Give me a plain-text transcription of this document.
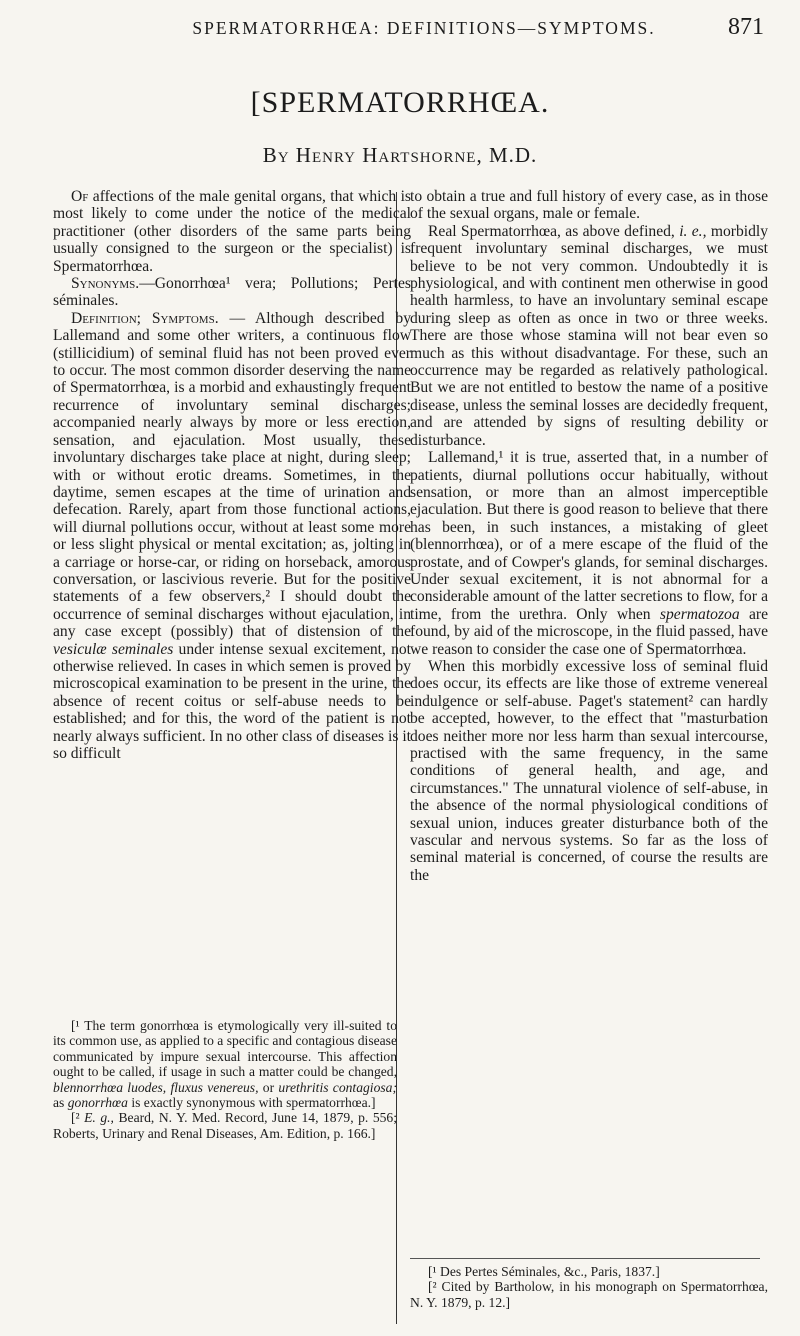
SPERMATORRHŒA: DEFINITIONS—SYMPTOMS.	871
[SPERMATORRHŒA.
By Henry Hartshorne, M.D.

Of affections of the male genital organs, that which is most likely to come under the notice of the medical practitioner (other disorders of the same parts being usually consigned to the surgeon or the specialist) is Spermatorrhœa.

Synonyms.—Gonorrhœa¹ vera; Pollutions; Pertes séminales.

Definition; Symptoms. — Although described by Lallemand and some other writers, a continuous flow (stillicidium) of seminal fluid has not been proved ever to occur. The most common disorder deserving the name of Spermatorrhœa, is a morbid and exhaustingly frequent recurrence of involuntary seminal discharges; accompanied nearly always by more or less erection, sensation, and ejaculation. Most usually, these involuntary discharges take place at night, during sleep; with or without erotic dreams. Sometimes, in the daytime, semen escapes at the time of urination and defecation. Rarely, apart from those functional actions, will diurnal pollutions occur, without at least some more or less slight physical or mental excitation; as, jolting in a carriage or horse-car, or riding on horseback, amorous conversation, or lascivious reverie. But for the positive statements of a few observers,² I should doubt the occurrence of seminal discharges without ejaculation, in any case except (possibly) that of distension of the vesiculæ seminales under intense sexual excitement, not otherwise relieved. In cases in which semen is proved by microscopical examination to be present in the urine, the absence of recent coitus or self-abuse needs to be established; and for this, the word of the patient is not nearly always sufficient. In no other class of diseases is it so difficult

[¹ The term gonorrhœa is etymologically very ill-suited to its common use, as applied to a specific and contagious disease communicated by impure sexual intercourse. This affection ought to be called, if usage in such a matter could be changed, blennorrhœa luodes, fluxus venereus, or urethritis contagiosa; as gonorrhœa is exactly synonymous with spermatorrhœa.]

[² E. g., Beard, N. Y. Med. Record, June 14, 1879, p. 556; Roberts, Urinary and Renal Diseases, Am. Edition, p. 166.]

to obtain a true and full history of every case, as in those of the sexual organs, male or female.

Real Spermatorrhœa, as above defined, i. e., morbidly frequent involuntary seminal discharges, we must believe to be not very common. Undoubtedly it is physiological, and with continent men otherwise in good health harmless, to have an involuntary seminal escape during sleep as often as once in two or three weeks. There are those whose stamina will not bear even so much as this without disadvantage. For these, such an occurrence may be regarded as relatively pathological. But we are not entitled to bestow the name of a positive disease, unless the seminal losses are decidedly frequent, and are attended by signs of resulting debility or disturbance.

Lallemand,¹ it is true, asserted that, in a number of patients, diurnal pollutions occur habitually, without sensation, or more than an almost imperceptible ejaculation. But there is good reason to believe that there has been, in such instances, a mistaking of gleet (blennorrhœa), or of a mere escape of the fluid of the prostate, and of Cowper's glands, for seminal discharges. Under sexual excitement, it is not abnormal for a considerable amount of the latter secretions to flow, for a time, from the urethra. Only when spermatozoa are found, by aid of the microscope, in the fluid passed, have we reason to consider the case one of Spermatorrhœa.

When this morbidly excessive loss of seminal fluid does occur, its effects are like those of extreme venereal indulgence or self-abuse. Paget's statement² can hardly be accepted, however, to the effect that "masturbation does neither more nor less harm than sexual intercourse, practised with the same frequency, in the same conditions of general health, and age, and circumstances." The unnatural violence of self-abuse, in the absence of the normal physiological conditions of sexual union, induces greater disturbance both of the vascular and nervous systems. So far as the loss of seminal material is concerned, of course the results are the

[¹ Des Pertes Séminales, &c., Paris, 1837.]

[² Cited by Bartholow, in his monograph on Spermatorrhœa, N. Y. 1879, p. 12.]
